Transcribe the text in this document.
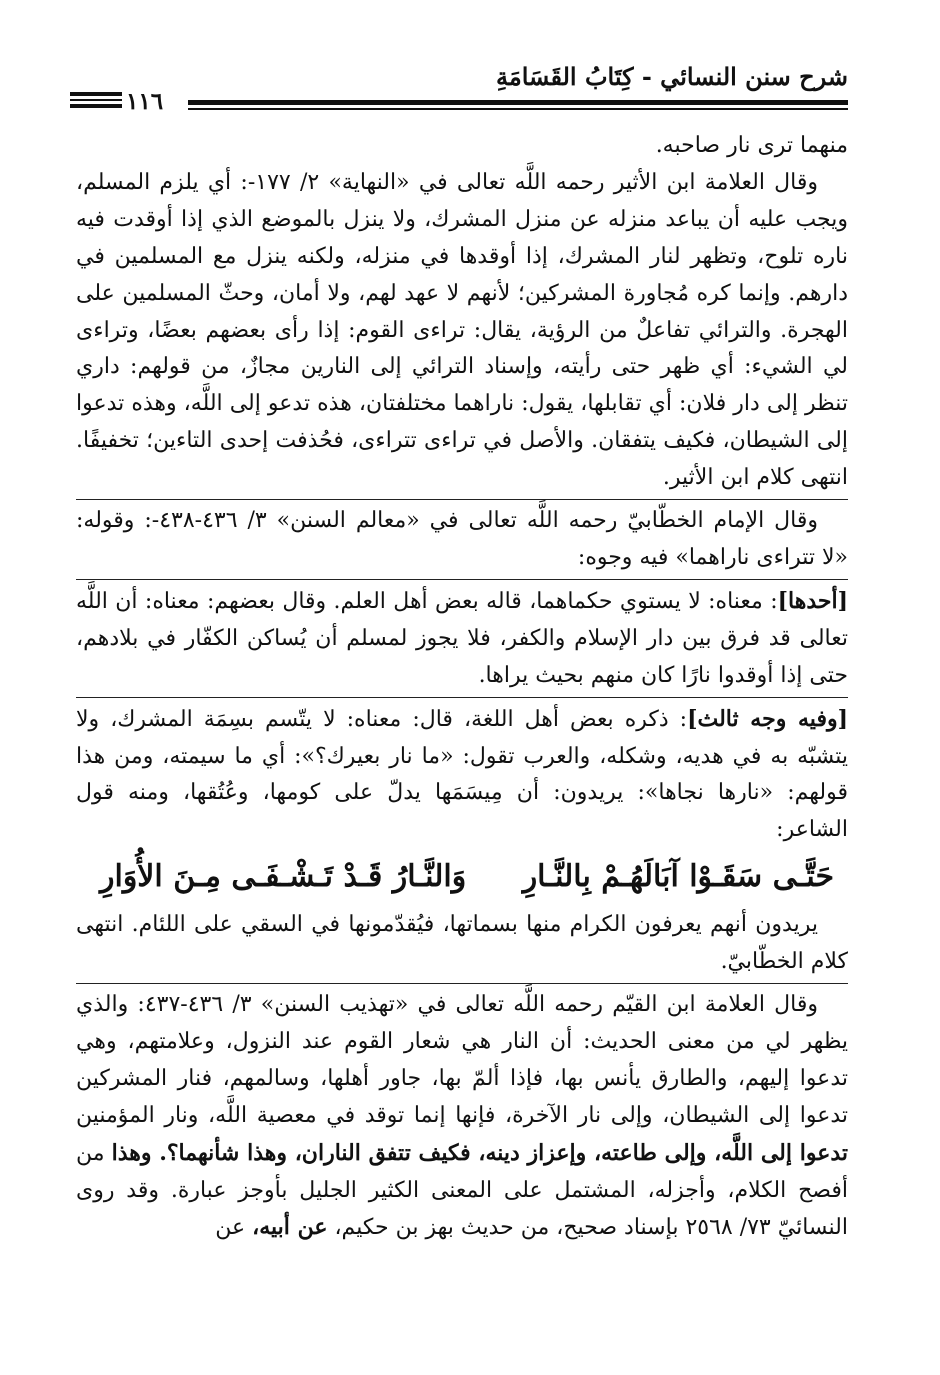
شرح سنن النسائي - كِتَابُ القَسَامَةِ
١١٦

منهما ترى نار صاحبه.

وقال العلامة ابن الأثير رحمه اللَّه تعالى في «النهاية» ٢/ ١٧٧-: أي يلزم المسلم، ويجب عليه أن يباعد منزله عن منزل المشرك، ولا ينزل بالموضع الذي إذا أوقدت فيه ناره تلوح، وتظهر لنار المشرك، إذا أوقدها في منزله، ولكنه ينزل مع المسلمين في دارهم. وإنما كره مُجاورة المشركين؛ لأنهم لا عهد لهم، ولا أمان، وحثّ المسلمين على الهجرة. والترائي تفاعلٌ من الرؤية، يقال: تراءى القوم: إذا رأى بعضهم بعضًا، وتراءى لي الشيء: أي ظهر حتى رأيته، وإسناد الترائي إلى النارين مجازٌ، من قولهم: داري تنظر إلى دار فلان: أي تقابلها، يقول: ناراهما مختلفتان، هذه تدعو إلى اللَّه، وهذه تدعوا إلى الشيطان، فكيف يتفقان. والأصل في تراءى تتراءى، فحُذفت إحدى التاءين؛ تخفيفًا. انتهى كلام ابن الأثير.

وقال الإمام الخطّابيّ رحمه اللَّه تعالى في «معالم السنن» ٣/ ٤٣٦-٤٣٨-: وقوله: «لا تتراءى ناراهما» فيه وجوه:

[أحدها]: معناه: لا يستوي حكماهما، قاله بعض أهل العلم. وقال بعضهم: معناه: أن اللَّه تعالى قد فرق بين دار الإسلام والكفر، فلا يجوز لمسلم أن يُساكن الكفّار في بلادهم، حتى إذا أوقدوا نارًا كان منهم بحيث يراها.

[وفيه وجه ثالث]: ذكره بعض أهل اللغة، قال: معناه: لا يتّسم بسِمَة المشرك، ولا يتشبّه به في هديه، وشكله، والعرب تقول: «ما نار بعيرك؟»: أي ما سيمته، ومن هذا قولهم: «نارها نجاها»: يريدون: أن مِيسَمَها يدلّ على كومها، وعُتُقها، ومنه قول الشاعر:

حَتَّـى سَقَـوْا آبَالَهُـمْ بِالنَّـارِ
وَالنَّـارُ قَـدْ تَـشْـفَـى مِـنَ الأُوَارِ

يريدون أنهم يعرفون الكرام منها بسماتها، فيُقدّمونها في السقي على اللئام. انتهى كلام الخطّابيّ.

وقال العلامة ابن القيّم رحمه اللَّه تعالى في «تهذيب السنن» ٣/ ٤٣٦-٤٣٧: والذي يظهر لي من معنى الحديث: أن النار هي شعار القوم عند النزول، وعلامتهم، وهي تدعوا إليهم، والطارق يأنس بها، فإذا ألمّ بها، جاور أهلها، وسالمهم، فنار المشركين تدعوا إلى الشيطان، وإلى نار الآخرة، فإنها إنما توقد في معصية اللَّه، ونار المؤمنين تدعوا إلى اللَّه، وإلى طاعته، وإعزاز دينه، فكيف تتفق الناران، وهذا شأنهما؟. وهذا من أفصح الكلام، وأجزله، المشتمل على المعنى الكثير الجليل بأوجز عبارة. وقد روى النسائيّ ٧٣/ ٢٥٦٨ بإسناد صحيح، من حديث بهز بن حكيم، عن أبيه، عن
